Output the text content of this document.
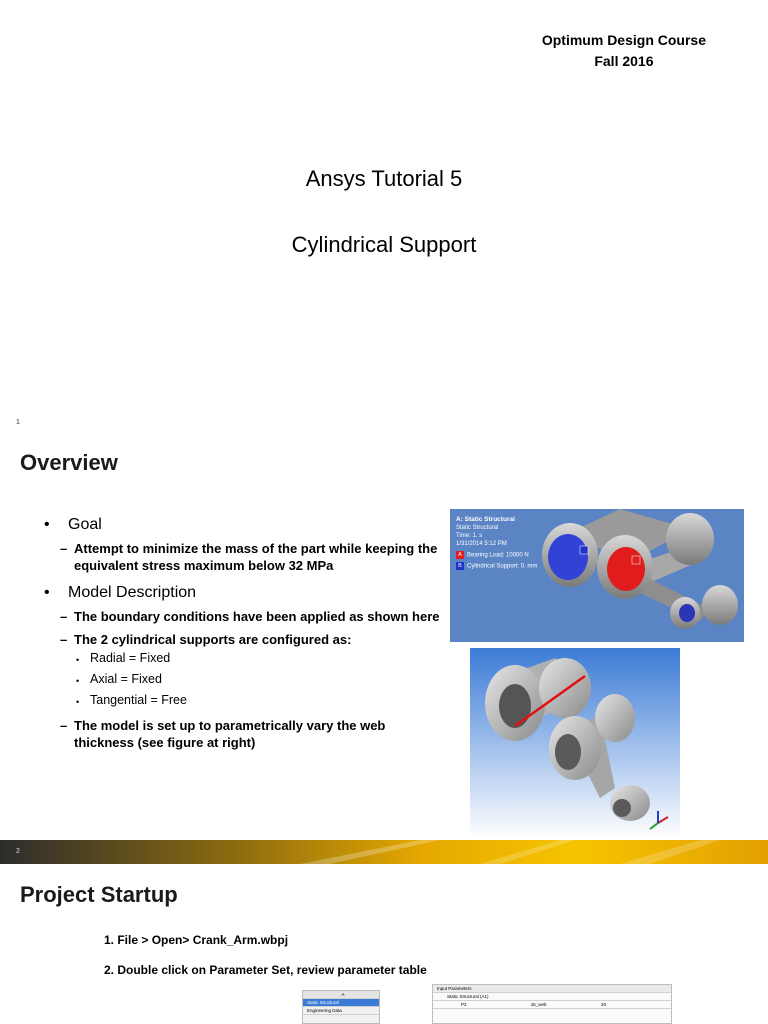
Optimum Design Course
Fall 2016
Ansys Tutorial 5
Cylindrical Support
1
Overview
•	Goal
– Attempt to minimize the mass of the part while keeping the equivalent stress maximum below 32 MPa
•	Model Description
– The boundary conditions have been applied as shown here
– The 2 cylindrical supports are configured as:
• Radial = Fixed
• Axial = Fixed
• Tangential = Free
– The model is set up to parametrically vary the web thickness (see figure at right)
A: Static Structural
Static Structural
Time: 1. s
1/31/2014 5:12 PM
A Bearing Load: 10000 N
B Cylindrical Support: 0. mm
2
Project Startup
1. File > Open> Crank_Arm.wbpj
2. Double click on Parameter Set, review parameter table
A
Static Structural
Engineering Data
Input Parameters
Static Structural (A1)
P2	ds_web	20
